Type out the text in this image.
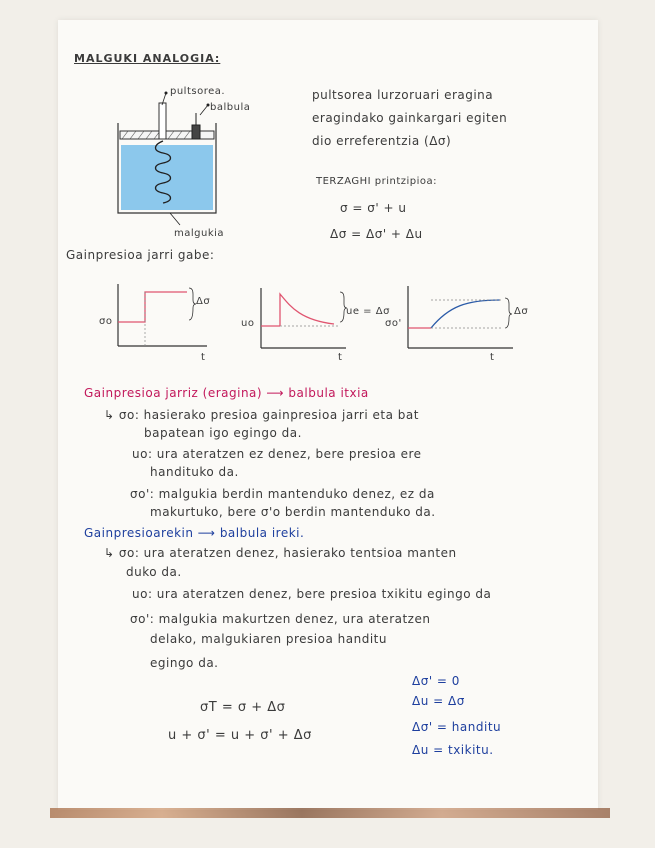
MALGUKI ANALOGIA:
pultsorea.
balbula
malgukia
pultsorea lurzoruari eragina
eragindako gainkargari egiten
dio erreferentzia (Δσ)
TERZAGHI printzipioa:
σ = σ' + u
Δσ = Δσ' + Δu
Gainpresioa jarri gabe:
σo
Δσ
t
uo
ue = Δσ
t
σo'
Δσ
t
Gainpresioa jarriz (eragina) ⟶ balbula itxia
↳ σo: hasierako presioa gainpresioa jarri eta bat
bapatean igo egingo da.
uo: ura ateratzen ez denez, bere presioa ere
handituko da.
σo': malgukia berdin mantenduko denez, ez da
makurtuko, bere σ'o berdin mantenduko da.
Gainpresioarekin ⟶ balbula ireki.
↳ σo: ura ateratzen denez, hasierako tentsioa manten
duko da.
uo: ura ateratzen denez, bere presioa txikitu egingo da
σo': malgukia makurtzen denez, ura ateratzen
delako, malgukiaren presioa handitu
egingo da.
σT = σ + Δσ
u + σ' = u + σ' + Δσ
Δσ' = 0
Δu = Δσ
Δσ' = handitu
Δu = txikitu.
